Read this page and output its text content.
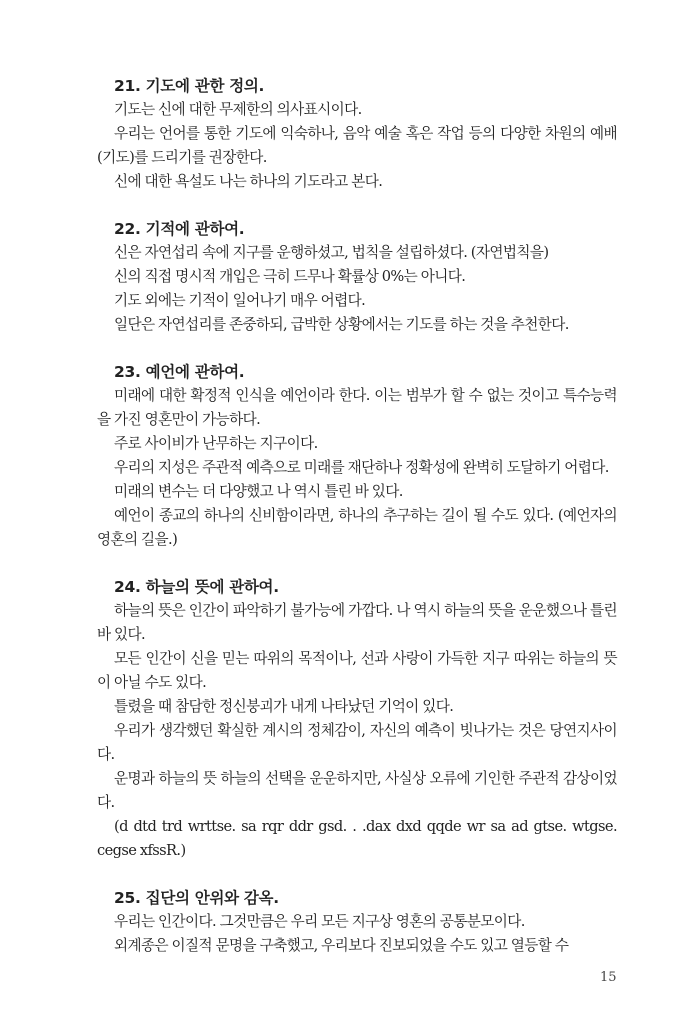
21. 기도에 관한 정의.

기도는 신에 대한 무제한의 의사표시이다.

우리는 언어를 통한 기도에 익숙하나, 음악 예술 혹은 작업 등의 다양한 차원의 예배(기도)를 드리기를 권장한다.

신에 대한 욕설도 나는 하나의 기도라고 본다.

22. 기적에 관하여.

신은 자연섭리 속에 지구를 운행하셨고, 법칙을 설립하셨다. (자연법칙을)

신의 직접 명시적 개입은 극히 드무나 확률상 0%는 아니다.

기도 외에는 기적이 일어나기 매우 어렵다.

일단은 자연섭리를 존중하되, 급박한 상황에서는 기도를 하는 것을 추천한다.

23. 예언에 관하여.

미래에 대한 확정적 인식을 예언이라 한다. 이는 범부가 할 수 없는 것이고 특수능력을 가진 영혼만이 가능하다.

주로 사이비가 난무하는 지구이다.

우리의 지성은 주관적 예측으로 미래를 재단하나 정확성에 완벽히 도달하기 어렵다.

미래의 변수는 더 다양했고 나 역시 틀린 바 있다.

예언이 종교의 하나의 신비함이라면, 하나의 추구하는 길이 될 수도 있다. (예언자의 영혼의 길을.)

24. 하늘의 뜻에 관하여.

하늘의 뜻은 인간이 파악하기 불가능에 가깝다. 나 역시 하늘의 뜻을 운운했으나 틀린 바 있다.

모든 인간이 신을 믿는 따위의 목적이나, 선과 사랑이 가득한 지구 따위는 하늘의 뜻이 아닐 수도 있다.

틀렸을 때 참담한 정신붕괴가 내게 나타났던 기억이 있다.

우리가 생각했던 확실한 계시의 정체감이, 자신의 예측이 빗나가는 것은 당연지사이다.

운명과 하늘의 뜻 하늘의 선택을 운운하지만, 사실상 오류에 기인한 주관적 감상이었다.

(d dtd trd wrttse. sa rqr ddr gsd. . .dax dxd qqde wr sa ad gtse. wtgse. cegse xfssR.)

25. 집단의 안위와 감옥.

우리는 인간이다. 그것만큼은 우리 모든 지구상 영혼의 공통분모이다.

외계종은 이질적 문명을 구축했고, 우리보다 진보되었을 수도 있고 열등할 수

15
